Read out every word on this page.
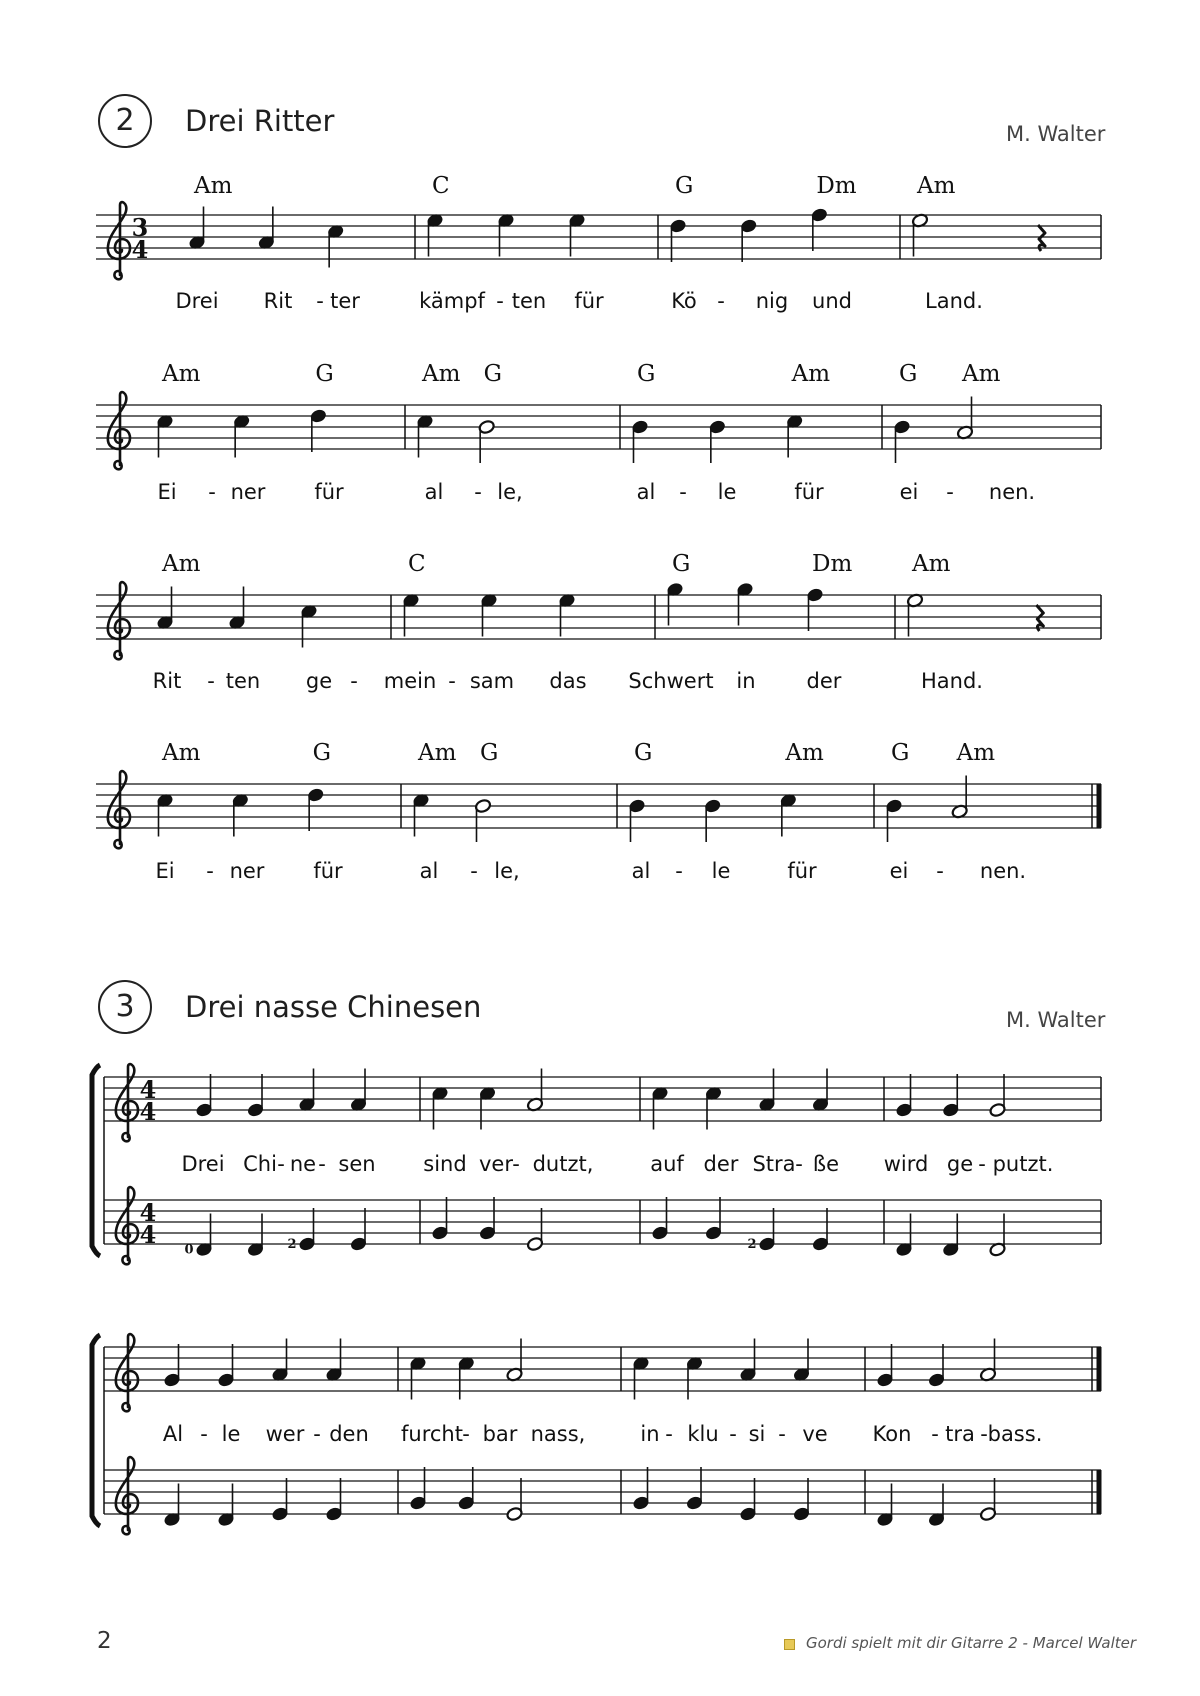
2	Drei Ritter	M. Walter
3	Drei nasse Chinesen	M. Walter
3
4
Am	C	G	Dm	Am
Drei Rit - ter	kämpf - ten für	Kö - nig und	Land.
Am	G	Am G	G	Am	G Am
Ei - ner für	al - le,	al - le	für	ei - nen.
Am	C	G	Dm	Am
Rit - ten ge - mein - sam das Schwert in der	Hand.
Am	G	Am G	G	Am	G Am
Ei - ner für	al - le,	al - le	für	ei - nen.
4
4
4
4
0	2	2
Drei Chi - ne - sen sind ver - dutzt,	auf der Stra - ße wird ge - putzt.
Al - le wer - den furcht - bar nass,	in - klu - si - ve Kon - tra - bass.
2	Gordi spielt mit dir Gitarre 2 - Marcel Walter
